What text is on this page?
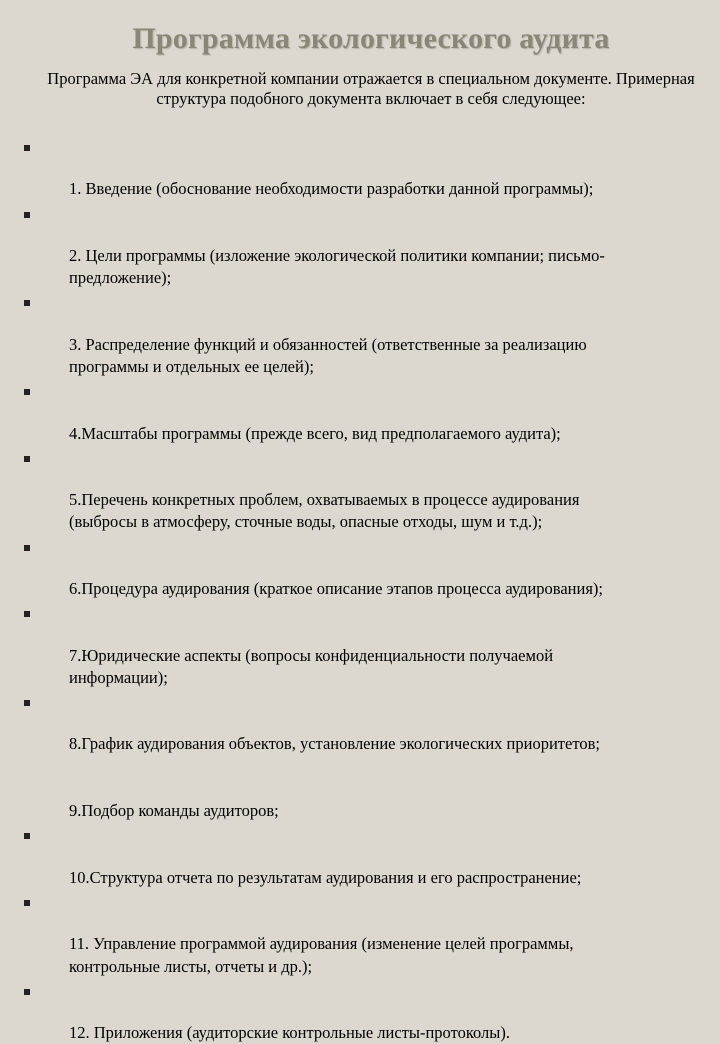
Программа экологического аудита
Программа ЭА для конкретной компании отражается в специальном документе. Примерная структура подобного документа включает в себя следующее:

1. Введение (обоснование необходимости разработки данной программы);

2. Цели программы (изложение экологической политики компании; письмо-
предложение);

3. Распределение функций и обязанностей (ответственные за реализацию
программы и отдельных ее целей);

4.Масштабы программы (прежде всего, вид предполагаемого аудита);

5.Перечень конкретных проблем, охватываемых в процессе аудирования
(выбросы в атмосферу, сточные воды, опасные отходы, шум и т.д.);

6.Процедура аудирования (краткое описание этапов процесса аудирования);

7.Юридические аспекты (вопросы конфиденциальности получаемой
информации);

8.График аудирования объектов, установление экологических приоритетов;

9.Подбор команды аудиторов;

10.Структура отчета по результатам аудирования и его распространение;

11. Управление программой аудирования (изменение целей программы,
контрольные листы, отчеты и др.);

12. Приложения (аудиторские контрольные листы-протоколы).
